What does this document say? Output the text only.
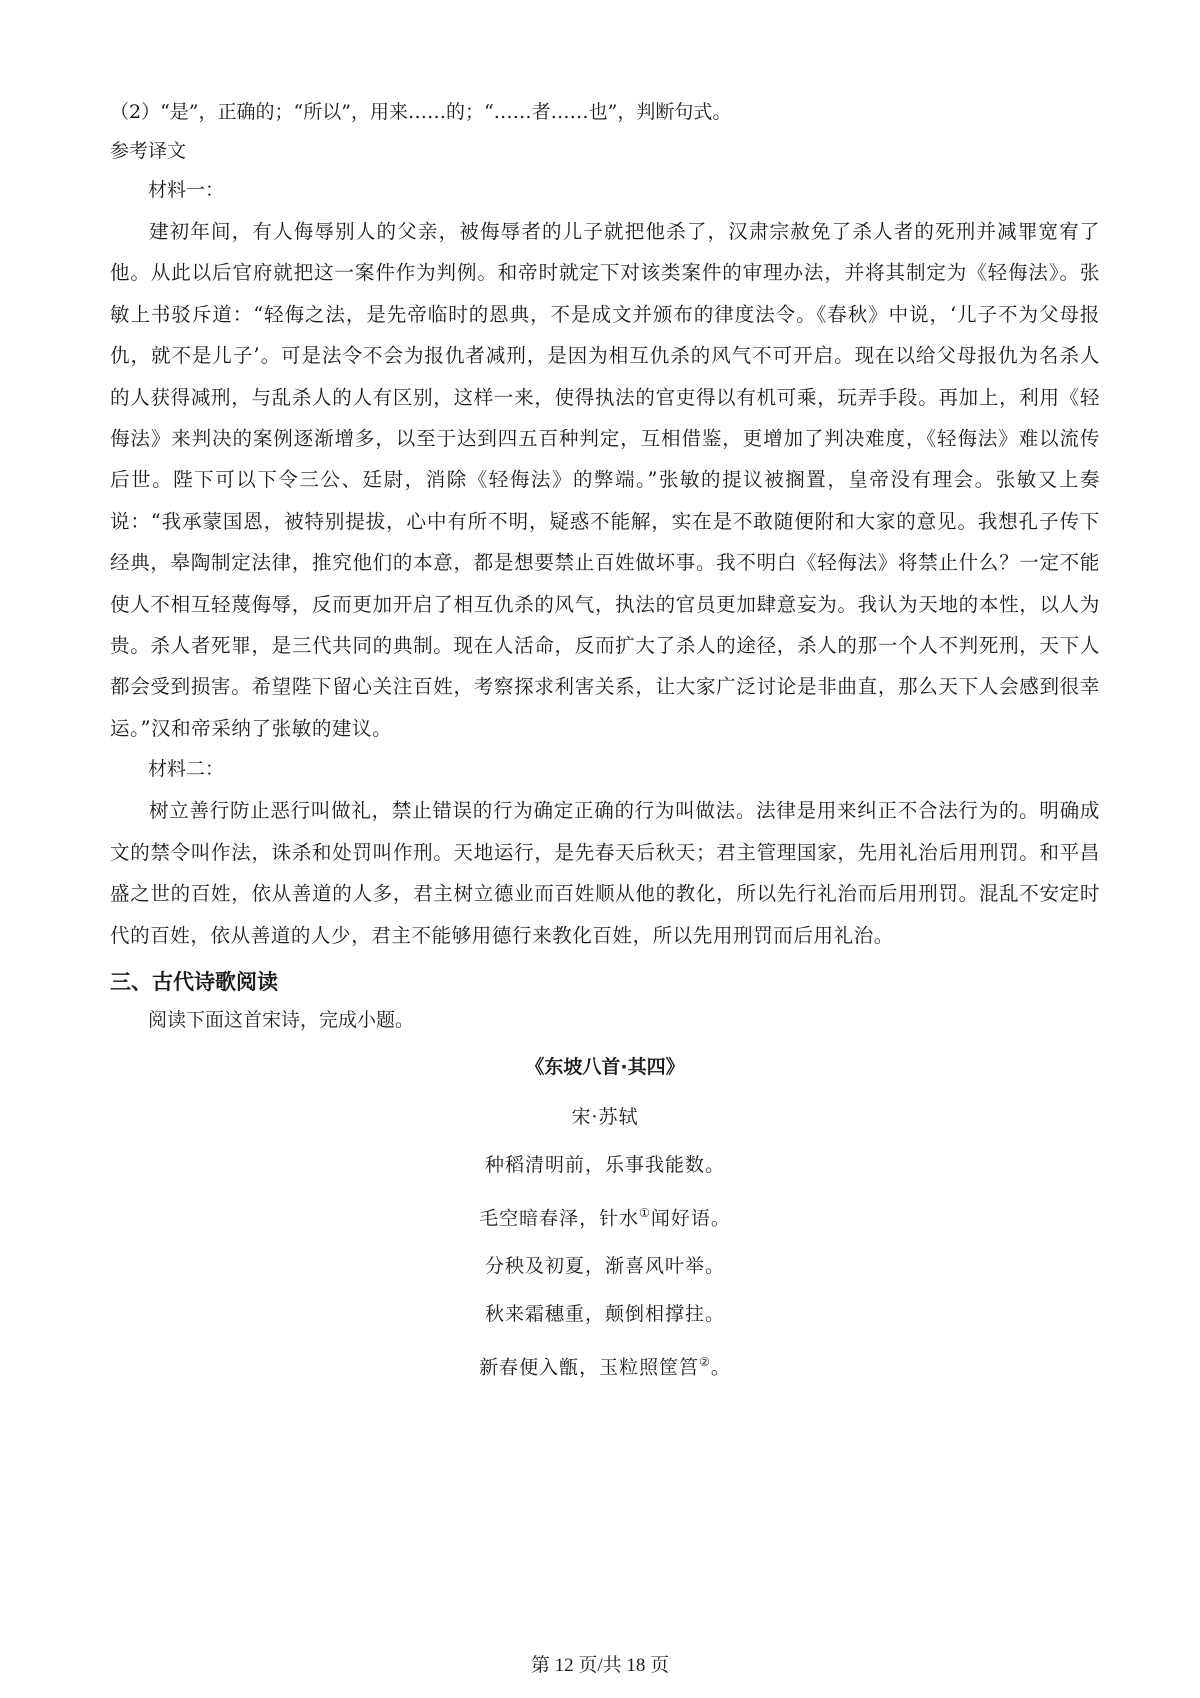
（2）“是”，正确的；“所以”，用来……的；“……者……也”，判断句式。

参考译文

材料一：

建初年间，有人侮辱别人的父亲，被侮辱者的儿子就把他杀了，汉肃宗赦免了杀人者的死刑并减罪宽宥了他。从此以后官府就把这一案件作为判例。和帝时就定下对该类案件的审理办法，并将其制定为《轻侮法》。张敏上书驳斥道：“轻侮之法，是先帝临时的恩典，不是成文并颁布的律度法令。《春秋》中说，‘儿子不为父母报仇，就不是儿子’。可是法令不会为报仇者减刑，是因为相互仇杀的风气不可开启。现在以给父母报仇为名杀人的人获得减刑，与乱杀人的人有区别，这样一来，使得执法的官吏得以有机可乘，玩弄手段。再加上，利用《轻侮法》来判决的案例逐渐增多，以至于达到四五百种判定，互相借鉴，更增加了判决难度，《轻侮法》难以流传后世。陛下可以下令三公、廷尉，消除《轻侮法》的弊端。”张敏的提议被搁置，皇帝没有理会。张敏又上奏说：“我承蒙国恩，被特别提拔，心中有所不明，疑惑不能解，实在是不敢随便附和大家的意见。我想孔子传下经典，皋陶制定法律，推究他们的本意，都是想要禁止百姓做坏事。我不明白《轻侮法》将禁止什么？一定不能使人不相互轻蔑侮辱，反而更加开启了相互仇杀的风气，执法的官员更加肆意妄为。我认为天地的本性，以人为贵。杀人者死罪，是三代共同的典制。现在人活命，反而扩大了杀人的途径，杀人的那一个人不判死刑，天下人都会受到损害。希望陛下留心关注百姓，考察探求利害关系，让大家广泛讨论是非曲直，那么天下人会感到很幸运。”汉和帝采纳了张敏的建议。

材料二：

树立善行防止恶行叫做礼，禁止错误的行为确定正确的行为叫做法。法律是用来纠正不合法行为的。明确成文的禁令叫作法，诛杀和处罚叫作刑。天地运行，是先春天后秋天；君主管理国家，先用礼治后用刑罚。和平昌盛之世的百姓，依从善道的人多，君主树立德业而百姓顺从他的教化，所以先行礼治而后用刑罚。混乱不安定时代的百姓，依从善道的人少，君主不能够用德行来教化百姓，所以先用刑罚而后用礼治。

三、古代诗歌阅读

阅读下面这首宋诗，完成小题。

《东坡八首·其四》

宋·苏轼

种稻清明前，乐事我能数。

毛空暗春泽，针水①闻好语。

分秧及初夏，渐喜风叶举。

秋来霜穗重，颠倒相撑拄。

新春便入甑，玉粒照筐筥②。

第 12 页/共 18 页
